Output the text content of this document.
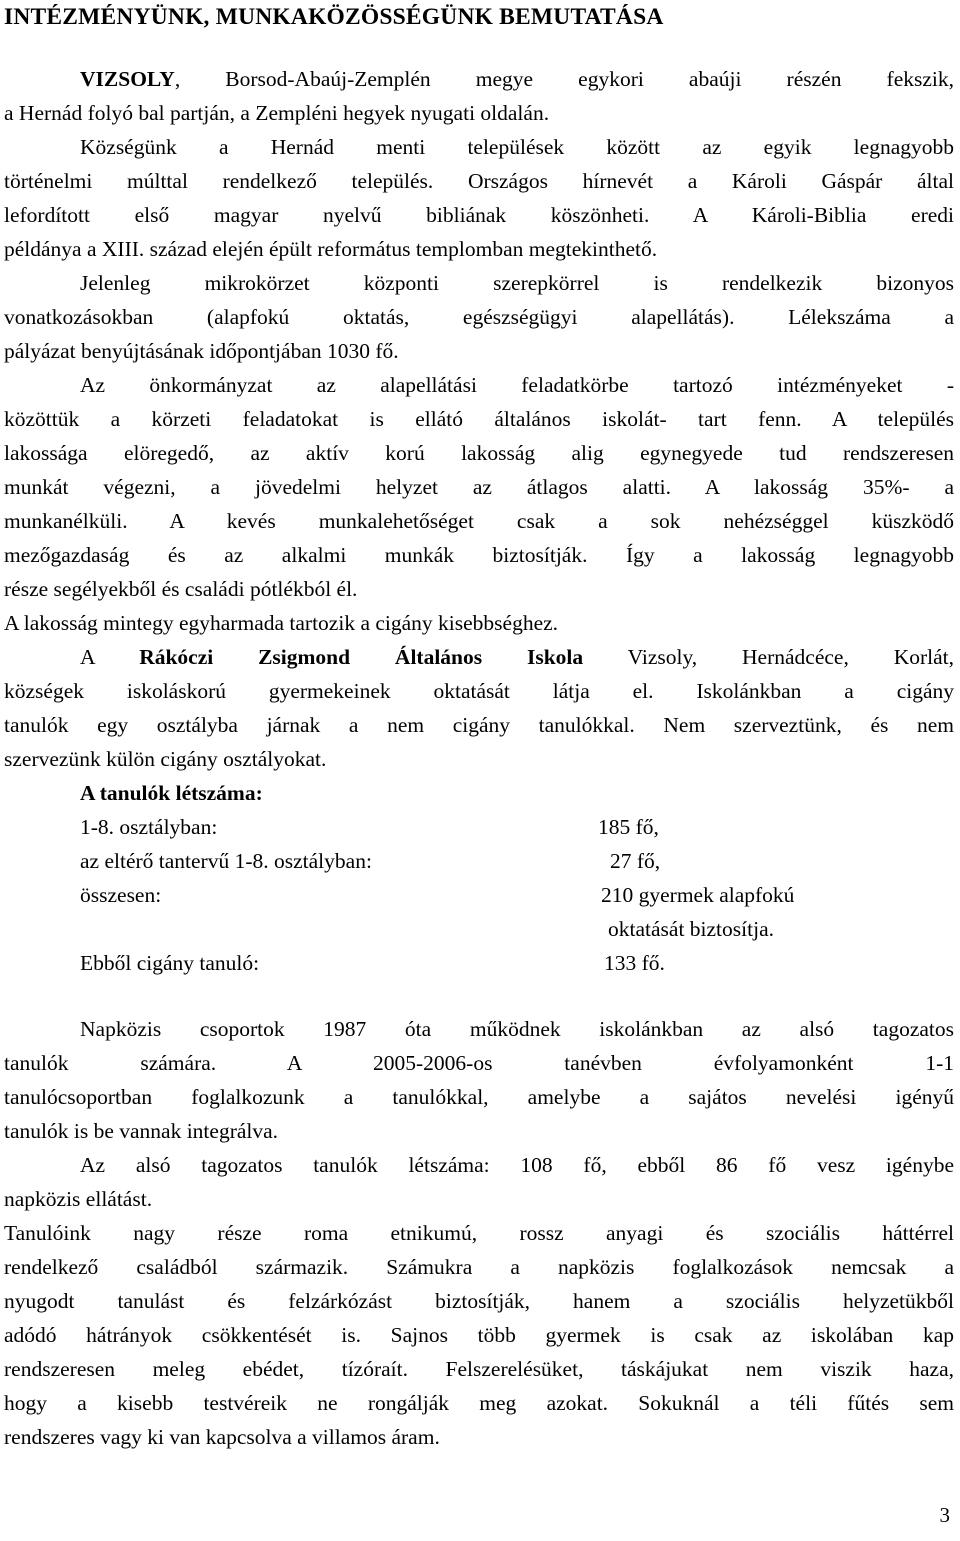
INTÉZMÉNYÜNK, MUNKAKÖZÖSSÉGÜNK BEMUTATÁSA
VIZSOLY, Borsod-Abaúj-Zemplén megye egykori abaúji részén fekszik,
a Hernád folyó bal partján, a Zempléni hegyek nyugati oldalán.
Községünk a Hernád menti települések között az egyik legnagyobb
történelmi múlttal rendelkező település. Országos hírnevét a Károli Gáspár által
lefordított első magyar nyelvű bibliának köszönheti. A Károli-Biblia eredi
példánya a XIII. század elején épült református templomban megtekinthető.
Jelenleg mikrokörzet központi szerepkörrel is rendelkezik bizonyos
vonatkozásokban (alapfokú oktatás, egészségügyi alapellátás). Lélekszáma a
pályázat benyújtásának időpontjában 1030 fő.
Az önkormányzat az alapellátási feladatkörbe tartozó intézményeket -
közöttük a körzeti feladatokat is ellátó általános iskolát- tart fenn. A település
lakossága elöregedő, az aktív korú lakosság alig egynegyede tud rendszeresen
munkát végezni, a jövedelmi helyzet az átlagos alatti. A lakosság 35%- a
munkanélküli. A kevés munkalehetőséget csak a sok nehézséggel küszködő
mezőgazdaság és az alkalmi munkák biztosítják. Így a lakosság legnagyobb
része segélyekből és családi pótlékból él.
A lakosság mintegy egyharmada tartozik a cigány kisebbséghez.
A Rákóczi Zsigmond Általános Iskola Vizsoly, Hernádcéce, Korlát,
községek iskoláskorú gyermekeinek oktatását látja el. Iskolánkban a cigány
tanulók egy osztályba járnak a nem cigány tanulókkal. Nem szerveztünk, és nem
szervezünk külön cigány osztályokat.
A tanulók létszáma:
1-8. osztályban:	185 fő,
az eltérő tantervű 1-8. osztályban:	27 fő,
összesen:	210 gyermek alapfokú
oktatását biztosítja.
Ebből cigány tanuló:	133 fő.
Napközis csoportok 1987 óta működnek iskolánkban az alsó tagozatos
tanulók számára. A 2005-2006-os tanévben évfolyamonként 1-1
tanulócsoportban foglalkozunk a tanulókkal, amelybe a sajátos nevelési igényű
tanulók is be vannak integrálva.
Az alsó tagozatos tanulók létszáma: 108 fő, ebből 86 fő vesz igénybe
napközis ellátást.
Tanulóink nagy része roma etnikumú, rossz anyagi és szociális háttérrel
rendelkező családból származik. Számukra a napközis foglalkozások nemcsak a
nyugodt tanulást és felzárkózást biztosítják, hanem a szociális helyzetükből
adódó hátrányok csökkentését is. Sajnos több gyermek is csak az iskolában kap
rendszeresen meleg ebédet, tízóraít. Felszerelésüket, táskájukat nem viszik haza,
hogy a kisebb testvéreik ne rongálják meg azokat. Sokuknál a téli fűtés sem
rendszeres vagy ki van kapcsolva a villamos áram.
3
